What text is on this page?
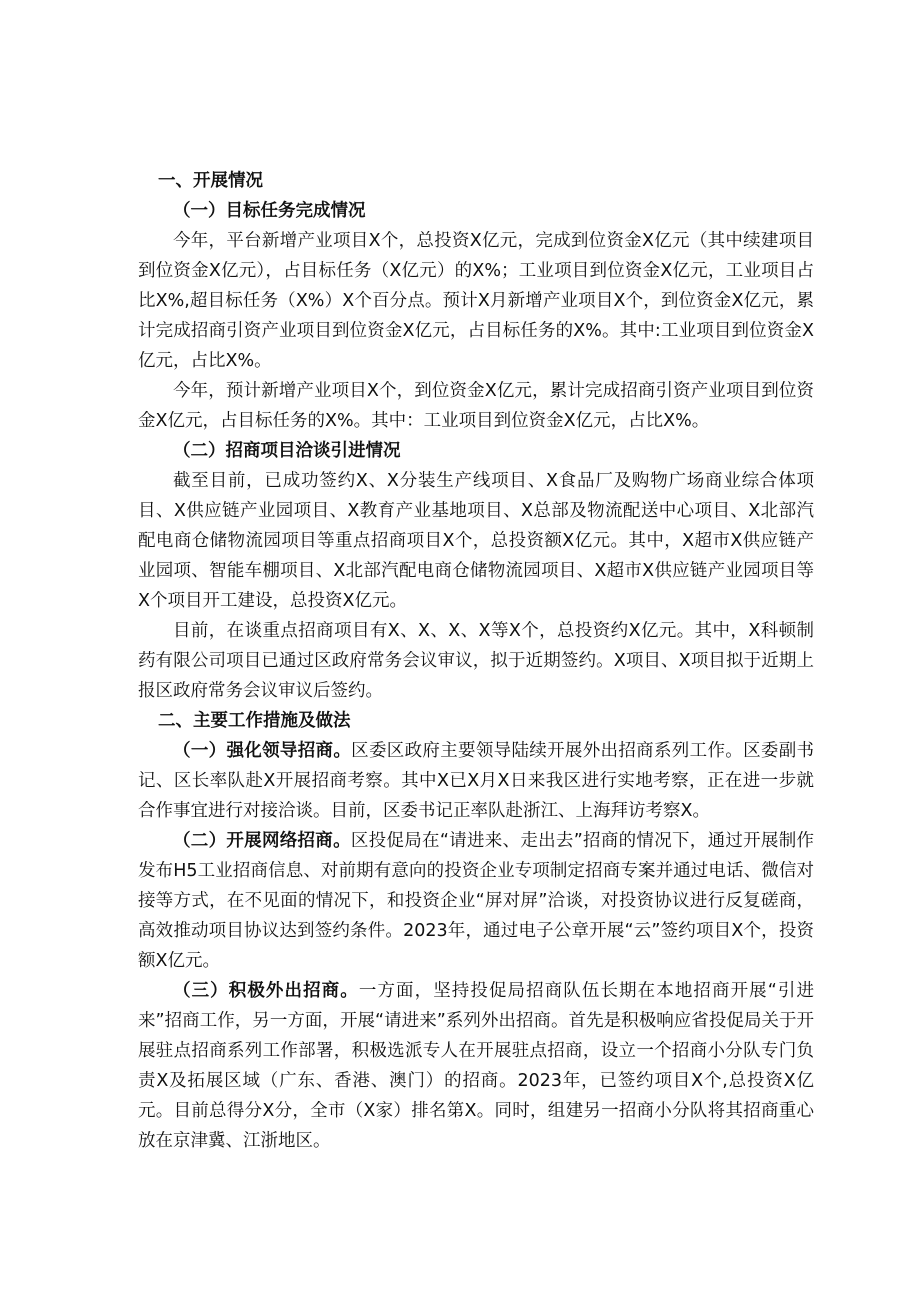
一、开展情况

（一）目标任务完成情况

今年，平台新增产业项目X个，总投资X亿元，完成到位资金X亿元（其中续建项目到位资金X亿元），占目标任务（X亿元）的X%；工业项目到位资金X亿元，工业项目占比X%,超目标任务（X%）X个百分点。预计X月新增产业项目X个，到位资金X亿元，累计完成招商引资产业项目到位资金X亿元，占目标任务的X%。其中:工业项目到位资金X亿元，占比X%。

今年，预计新增产业项目X个，到位资金X亿元，累计完成招商引资产业项目到位资金X亿元，占目标任务的X%。其中：工业项目到位资金X亿元，占比X%。

（二）招商项目洽谈引进情况

截至目前，已成功签约X、X分装生产线项目、X食品厂及购物广场商业综合体项目、X供应链产业园项目、X教育产业基地项目、X总部及物流配送中心项目、X北部汽配电商仓储物流园项目等重点招商项目X个，总投资额X亿元。其中，X超市X供应链产业园项、智能车棚项目、X北部汽配电商仓储物流园项目、X超市X供应链产业园项目等X个项目开工建设，总投资X亿元。

目前，在谈重点招商项目有X、X、X、X等X个，总投资约X亿元。其中，X科顿制药有限公司项目已通过区政府常务会议审议，拟于近期签约。X项目、X项目拟于近期上报区政府常务会议审议后签约。

二、主要工作措施及做法

（一）强化领导招商。区委区政府主要领导陆续开展外出招商系列工作。区委副书记、区长率队赴X开展招商考察。其中X已X月X日来我区进行实地考察，正在进一步就合作事宜进行对接洽谈。目前，区委书记正率队赴浙江、上海拜访考察X。

（二）开展网络招商。区投促局在“请进来、走出去”招商的情况下，通过开展制作发布H5工业招商信息、对前期有意向的投资企业专项制定招商专案并通过电话、微信对接等方式，在不见面的情况下，和投资企业“屏对屏”洽谈，对投资协议进行反复磋商，高效推动项目协议达到签约条件。2023年，通过电子公章开展“云”签约项目X个，投资额X亿元。

（三）积极外出招商。一方面，坚持投促局招商队伍长期在本地招商开展“引进来”招商工作，另一方面，开展“请进来”系列外出招商。首先是积极响应省投促局关于开展驻点招商系列工作部署，积极选派专人在开展驻点招商，设立一个招商小分队专门负责X及拓展区域（广东、香港、澳门）的招商。2023年，已签约项目X个,总投资X亿元。目前总得分X分，全市（X家）排名第X。同时，组建另一招商小分队将其招商重心放在京津冀、江浙地区。
